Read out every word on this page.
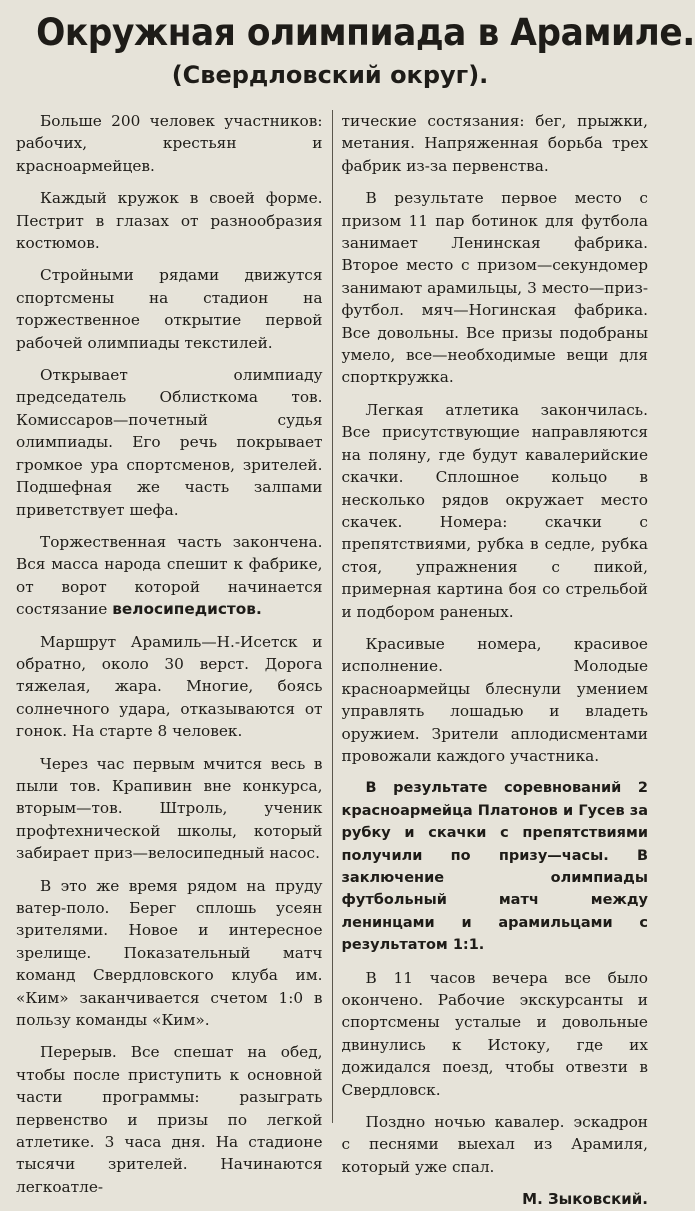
Окружная олимпиада в Арамиле.
(Свердловский округ).

Больше 200 человек участников: рабочих, крестьян и красноармейцев.

Каждый кружок в своей форме. Пестрит в глазах от разнообразия костюмов.

Стройными рядами движутся спортсмены на стадион на торжественное открытие первой рабочей олимпиады текстилей.

Открывает олимпиаду председатель Облисткома тов. Комиссаров—почетный судья олимпиады. Его речь покрывает громкое ура спортсменов, зрителей. Подшефная же часть залпами приветствует шефа.

Торжественная часть закончена. Вся масса народа спешит к фабрике, от ворот которой начинается состязание велосипедистов.

Маршрут Арамиль—Н.-Исетск и обратно, около 30 верст. Дорога тяжелая, жара. Многие, боясь солнечного удара, отказываются от гонок. На старте 8 человек.

Через час первым мчится весь в пыли тов. Крапивин вне конкурса, вторым—тов. Штроль, ученик профтехнической школы, который забирает приз—велосипедный насос.

В это же время рядом на пруду ватер-поло. Берег сплошь усеян зрителями. Новое и интересное зрелище. Показательный матч команд Свердловского клуба им. «Ким» заканчивается счетом 1:0 в пользу команды «Ким».

Перерыв. Все спешат на обед, чтобы после приступить к основной части программы: разыграть первенство и призы по легкой атлетике. 3 часа дня. На стадионе тысячи зрителей. Начинаются легкоатле-

тические состязания: бег, прыжки, метания. Напряженная борьба трех фабрик из-за первенства.

В результате первое место с призом 11 пар ботинок для футбола занимает Ленинская фабрика. Второе место с призом—секундомер занимают арамильцы, 3 место—приз-футбол. мяч—Ногинская фабрика. Все довольны. Все призы подобраны умело, все—необходимые вещи для спорткружка.

Легкая атлетика закончилась. Все присутствующие направляются на поляну, где будут кавалерийские скачки. Сплошное кольцо в несколько рядов окружает место скачек. Номера: скачки с препятствиями, рубка в седле, рубка стоя, упражнения с пикой, примерная картина боя со стрельбой и подбором раненых.

Красивые номера, красивое исполнение. Молодые красноармейцы блеснули умением управлять лошадью и владеть оружием. Зрители аплодисментами провожали каждого участника.

В результате соревнований 2 красноармейца Платонов и Гусев за рубку и скачки с препятствиями получили по призу—часы. В заключение олимпиады футбольный матч между ленинцами и арамильцами с результатом 1:1.

В 11 часов вечера все было окончено. Рабочие экскурсанты и спортсмены усталые и довольные двинулись к Истоку, где их дожидался поезд, чтобы отвезти в Свердловск.

Поздно ночью кавалер. эскадрон с песнями выехал из Арамиля, который уже спал.

М. Зыковский.
